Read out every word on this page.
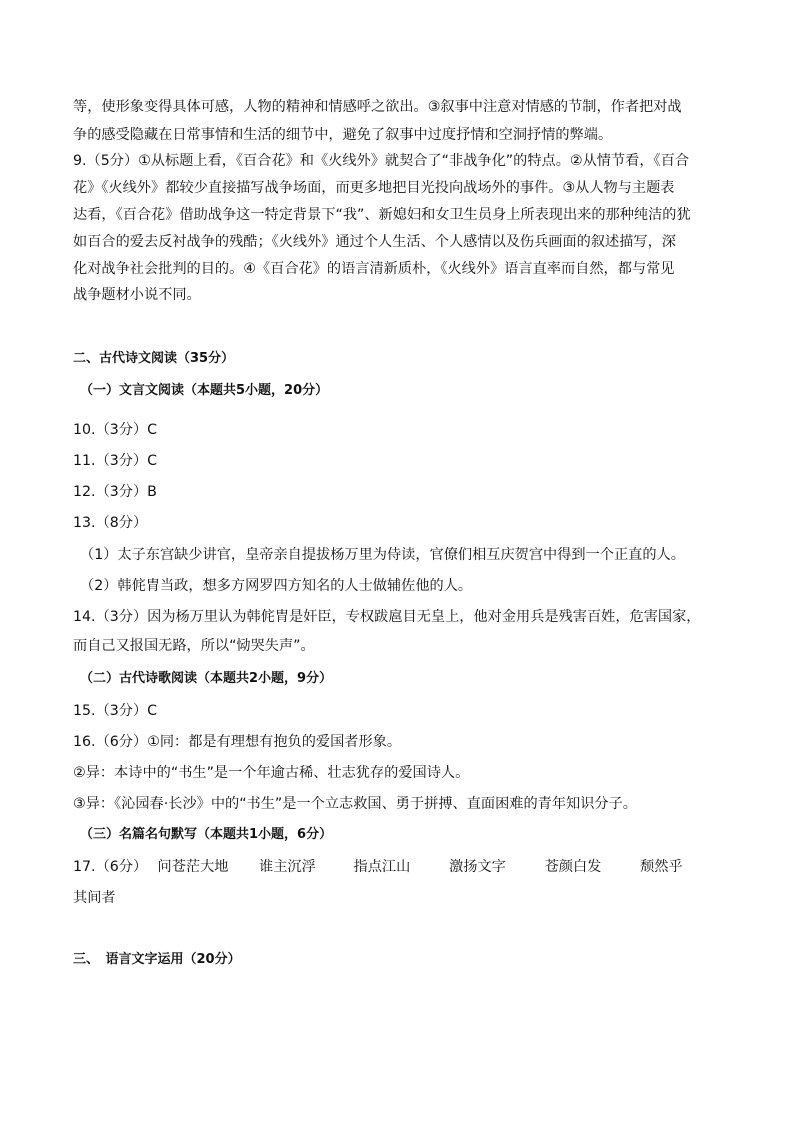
等，使形象变得具体可感，人物的精神和情感呼之欲出。③叙事中注意对情感的节制，作者把对战
争的感受隐藏在日常事情和生活的细节中，避免了叙事中过度抒情和空洞抒情的弊端。
9.（5分）①从标题上看，《百合花》和《火线外》就契合了“非战争化”的特点。②从情节看，《百合
花》《火线外》都较少直接描写战争场面，而更多地把目光投向战场外的事件。③从人物与主题表
达看，《百合花》借助战争这一特定背景下“我”、新媳妇和女卫生员身上所表现出来的那种纯洁的犹
如百合的爱去反衬战争的残酷；《火线外》通过个人生活、个人感情以及伤兵画面的叙述描写，深
化对战争社会批判的目的。④《百合花》的语言清新质朴，《火线外》语言直率而自然，都与常见
战争题材小说不同。
二、古代诗文阅读（35分）
（一）文言文阅读（本题共5小题，20分）
10.（3分）C
11.（3分）C
12.（3分）B
13.（8分）
（1）太子东宫缺少讲官，皇帝亲自提拔杨万里为侍读，官僚们相互庆贺宫中得到一个正直的人。
（2）韩侂胄当政，想多方网罗四方知名的人士做辅佐他的人。
14.（3分）因为杨万里认为韩侂胄是奸臣，专权跋扈目无皇上，他对金用兵是残害百姓，危害国家，
而自己又报国无路，所以“恸哭失声”。
（二）古代诗歌阅读（本题共2小题，9分）
15.（3分）C
16.（6分）①同：都是有理想有抱负的爱国者形象。
②异：本诗中的“书生”是一个年逾古稀、壮志犹存的爱国诗人。
③异：《沁园春·长沙》中的“书生”是一个立志救国、勇于拼搏、直面困难的青年知识分子。
（三）名篇名句默写（本题共1小题，6分）
17.（6分） 问苍茫大地 谁主沉浮	指点江山	激扬文字	苍颜白发	颓然乎
其间者
三、　语言文字运用（20分）
